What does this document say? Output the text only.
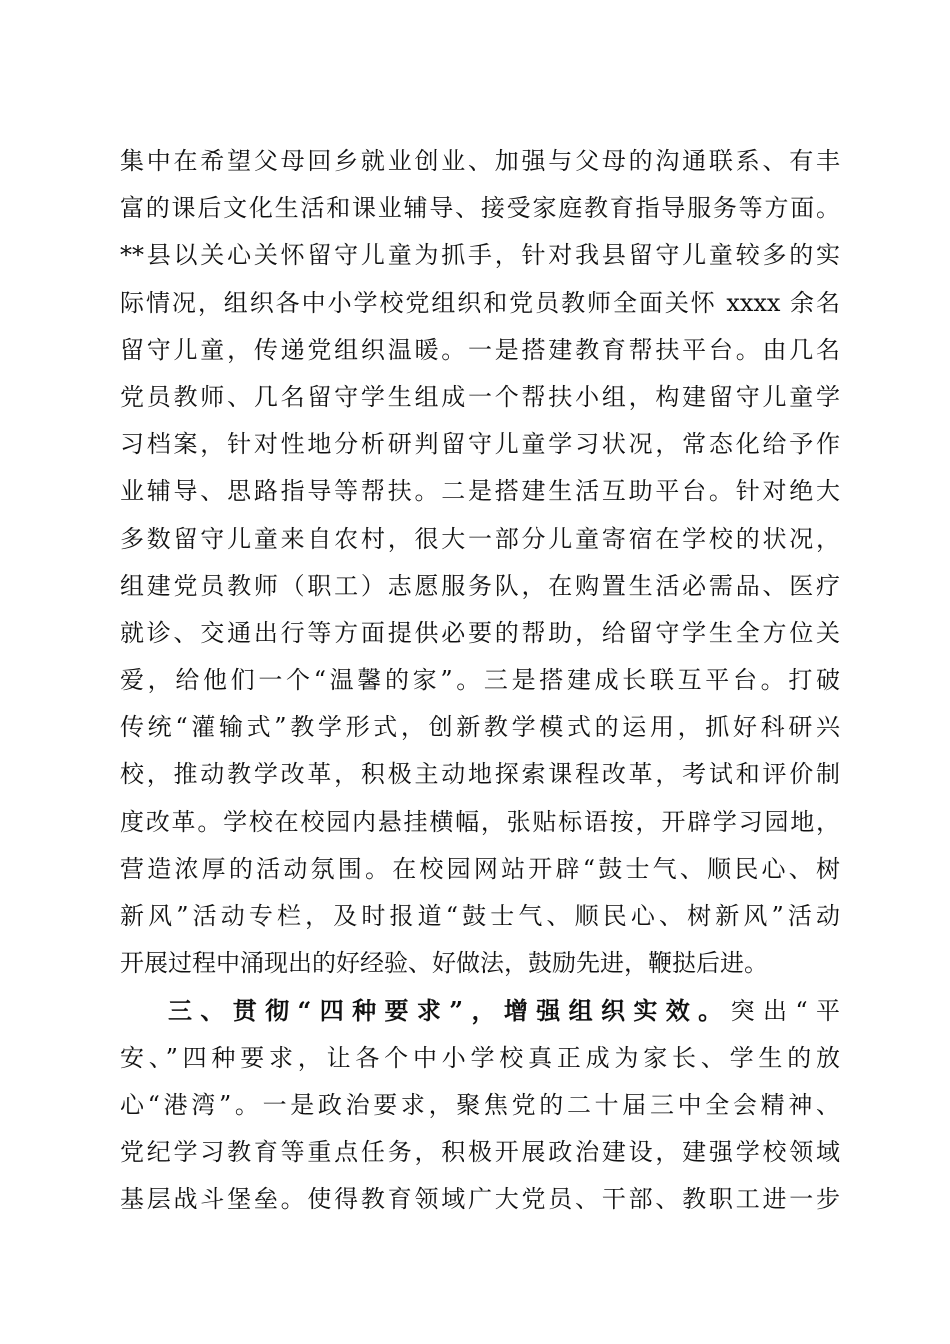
集中在希望父母回乡就业创业、加强与父母的沟通联系、有丰
富的课后文化生活和课业辅导、接受家庭教育指导服务等方面。
**县以关心关怀留守儿童为抓手，针对我县留守儿童较多的实
际情况，组织各中小学校党组织和党员教师全面关怀 xxxx 余名
留守儿童，传递党组织温暖。一是搭建教育帮扶平台。由几名
党员教师、几名留守学生组成一个帮扶小组，构建留守儿童学
习档案，针对性地分析研判留守儿童学习状况，常态化给予作
业辅导、思路指导等帮扶。二是搭建生活互助平台。针对绝大
多数留守儿童来自农村，很大一部分儿童寄宿在学校的状况，
组建党员教师（职工）志愿服务队，在购置生活必需品、医疗
就诊、交通出行等方面提供必要的帮助，给留守学生全方位关
爱，给他们一个“温馨的家”。三是搭建成长联互平台。打破
传统“灌输式”教学形式，创新教学模式的运用，抓好科研兴
校，推动教学改革，积极主动地探索课程改革，考试和评价制
度改革。学校在校园内悬挂横幅，张贴标语按，开辟学习园地，
营造浓厚的活动氛围。在校园网站开辟“鼓士气、顺民心、树
新风”活动专栏，及时报道“鼓士气、顺民心、树新风”活动
开展过程中涌现出的好经验、好做法，鼓励先进，鞭挞后进。
三、贯彻“四种要求”，增强组织实效。突出“平
安、”四种要求，让各个中小学校真正成为家长、学生的放
心“港湾”。一是政治要求，聚焦党的二十届三中全会精神、
党纪学习教育等重点任务，积极开展政治建设，建强学校领域
基层战斗堡垒。使得教育领域广大党员、干部、教职工进一步
